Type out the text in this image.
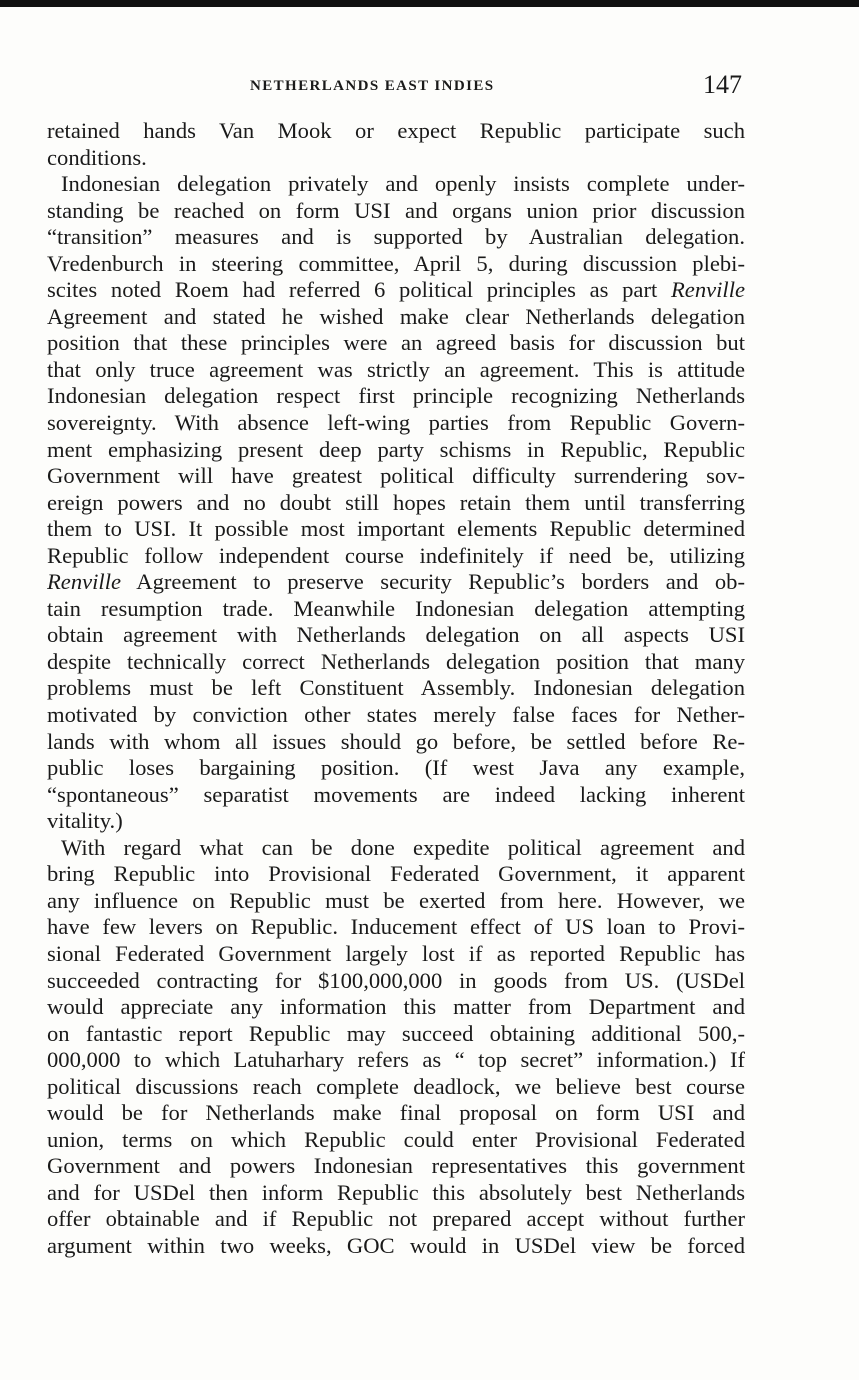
NETHERLANDS EAST INDIES	147
retained hands Van Mook or expect Republic participate such
conditions.
Indonesian delegation privately and openly insists complete under-
standing be reached on form USI and organs union prior discussion
“transition” measures and is supported by Australian delegation.
Vredenburch in steering committee, April 5, during discussion plebi-
scites noted Roem had referred 6 political principles as part Renville
Agreement and stated he wished make clear Netherlands delegation
position that these principles were an agreed basis for discussion but
that only truce agreement was strictly an agreement. This is attitude
Indonesian delegation respect first principle recognizing Netherlands
sovereignty. With absence left-wing parties from Republic Govern-
ment emphasizing present deep party schisms in Republic, Republic
Government will have greatest political difficulty surrendering sov-
ereign powers and no doubt still hopes retain them until transferring
them to USI. It possible most important elements Republic determined
Republic follow independent course indefinitely if need be, utilizing
Renville Agreement to preserve security Republic’s borders and ob-
tain resumption trade. Meanwhile Indonesian delegation attempting
obtain agreement with Netherlands delegation on all aspects USI
despite technically correct Netherlands delegation position that many
problems must be left Constituent Assembly. Indonesian delegation
motivated by conviction other states merely false faces for Nether-
lands with whom all issues should go before, be settled before Re-
public loses bargaining position. (If west Java any example,
“spontaneous” separatist movements are indeed lacking inherent
vitality.)
With regard what can be done expedite political agreement and
bring Republic into Provisional Federated Government, it apparent
any influence on Republic must be exerted from here. However, we
have few levers on Republic. Inducement effect of US loan to Provi-
sional Federated Government largely lost if as reported Republic has
succeeded contracting for $100,000,000 in goods from US. (USDel
would appreciate any information this matter from Department and
on fantastic report Republic may succeed obtaining additional 500,-
000,000 to which Latuharhary refers as “ top secret” information.) If
political discussions reach complete deadlock, we believe best course
would be for Netherlands make final proposal on form USI and
union, terms on which Republic could enter Provisional Federated
Government and powers Indonesian representatives this government
and for USDel then inform Republic this absolutely best Netherlands
offer obtainable and if Republic not prepared accept without further
argument within two weeks, GOC would in USDel view be forced
